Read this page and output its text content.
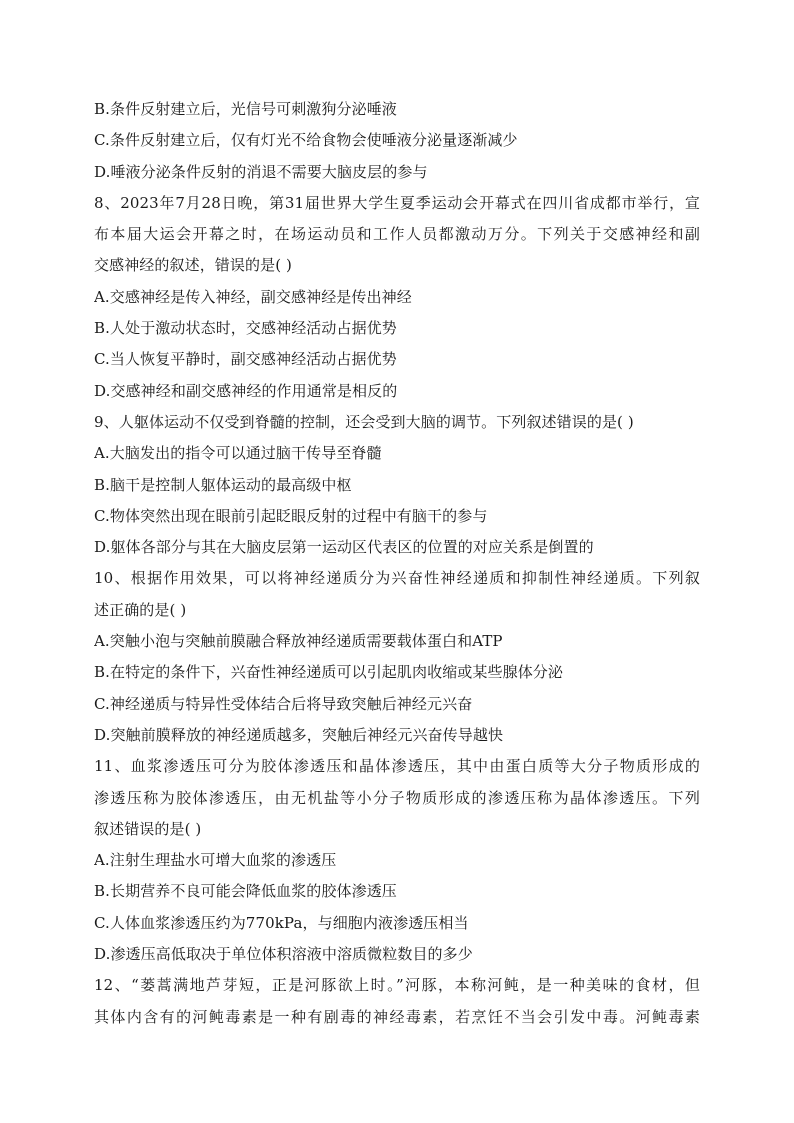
B.条件反射建立后，光信号可刺激狗分泌唾液
C.条件反射建立后，仅有灯光不给食物会使唾液分泌量逐渐减少
D.唾液分泌条件反射的消退不需要大脑皮层的参与
8、2023年7月28日晚，第31届世界大学生夏季运动会开幕式在四川省成都市举行，宣
布本届大运会开幕之时，在场运动员和工作人员都激动万分。下列关于交感神经和副
交感神经的叙述，错误的是( )
A.交感神经是传入神经，副交感神经是传出神经
B.人处于激动状态时，交感神经活动占据优势
C.当人恢复平静时，副交感神经活动占据优势
D.交感神经和副交感神经的作用通常是相反的
9、人躯体运动不仅受到脊髓的控制，还会受到大脑的调节。下列叙述错误的是( )
A.大脑发出的指令可以通过脑干传导至脊髓
B.脑干是控制人躯体运动的最高级中枢
C.物体突然出现在眼前引起眨眼反射的过程中有脑干的参与
D.躯体各部分与其在大脑皮层第一运动区代表区的位置的对应关系是倒置的
10、根据作用效果，可以将神经递质分为兴奋性神经递质和抑制性神经递质。下列叙
述正确的是( )
A.突触小泡与突触前膜融合释放神经递质需要载体蛋白和ATP
B.在特定的条件下，兴奋性神经递质可以引起肌肉收缩或某些腺体分泌
C.神经递质与特异性受体结合后将导致突触后神经元兴奋
D.突触前膜释放的神经递质越多，突触后神经元兴奋传导越快
11、血浆渗透压可分为胶体渗透压和晶体渗透压，其中由蛋白质等大分子物质形成的
渗透压称为胶体渗透压，由无机盐等小分子物质形成的渗透压称为晶体渗透压。下列
叙述错误的是( )
A.注射生理盐水可增大血浆的渗透压
B.长期营养不良可能会降低血浆的胶体渗透压
C.人体血浆渗透压约为770kPa，与细胞内液渗透压相当
D.渗透压高低取决于单位体积溶液中溶质微粒数目的多少
12、“蒌蒿满地芦芽短，正是河豚欲上时。”河豚，本称河鲀，是一种美味的食材，但
其体内含有的河鲀毒素是一种有剧毒的神经毒素，若烹饪不当会引发中毒。河鲀毒素
